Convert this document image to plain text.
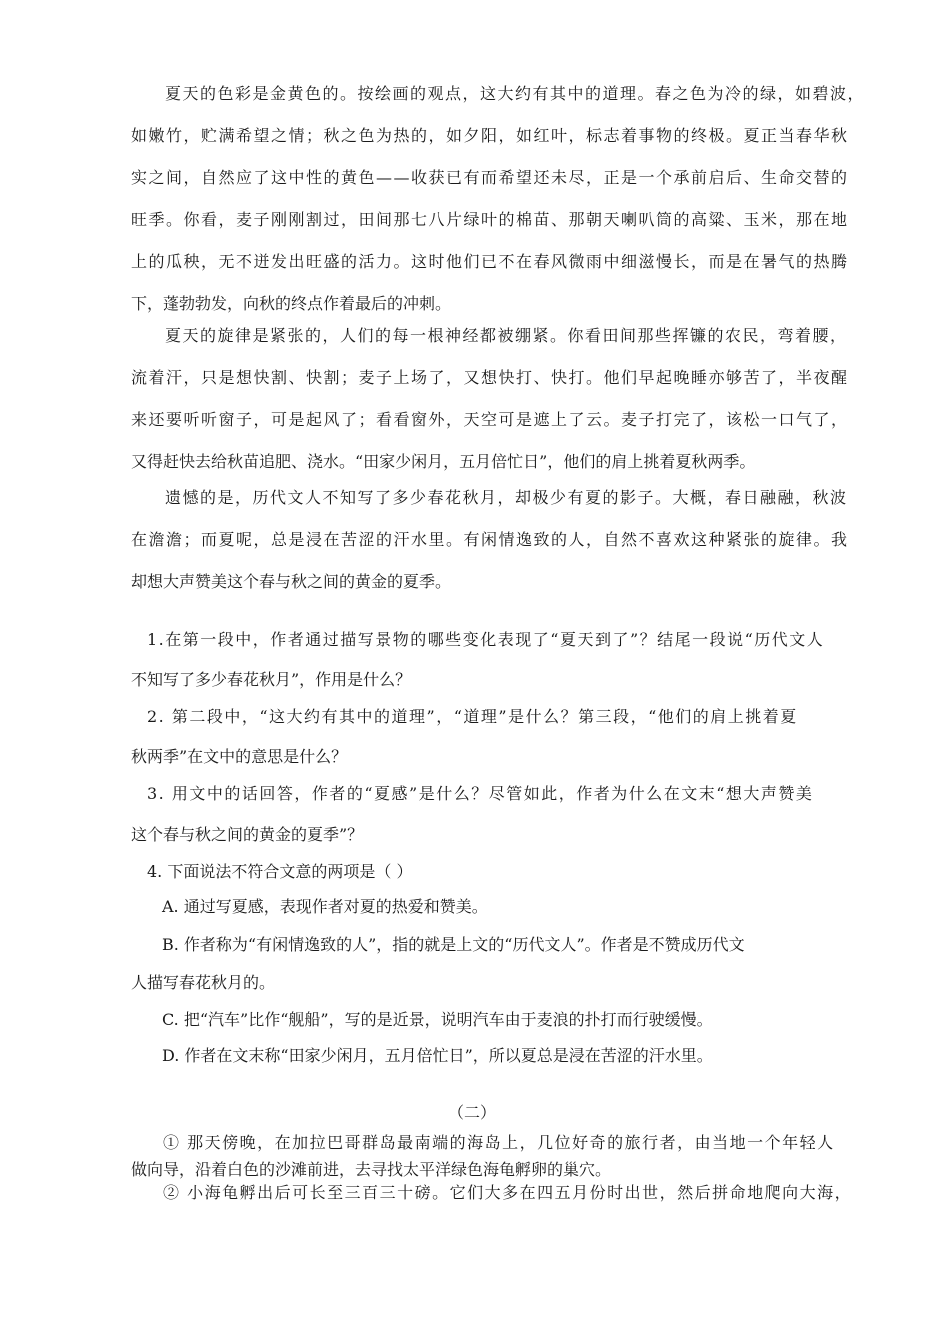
夏天的色彩是金黄色的。按绘画的观点，这大约有其中的道理。春之色为冷的绿，如碧波，
如嫩竹，贮满希望之情；秋之色为热的，如夕阳，如红叶，标志着事物的终极。夏正当春华秋
实之间，自然应了这中性的黄色——收获已有而希望还未尽，正是一个承前启后、生命交替的
旺季。你看，麦子刚刚割过，田间那七八片绿叶的棉苗、那朝天喇叭筒的高粱、玉米，那在地
上的瓜秧，无不迸发出旺盛的活力。这时他们已不在春风微雨中细滋慢长，而是在暑气的热腾
下，蓬勃勃发，向秋的终点作着最后的冲刺。
夏天的旋律是紧张的，人们的每一根神经都被绷紧。你看田间那些挥镰的农民，弯着腰，
流着汗，只是想快割、快割；麦子上场了，又想快打、快打。他们早起晚睡亦够苦了，半夜醒
来还要听听窗子，可是起风了；看看窗外，天空可是遮上了云。麦子打完了，该松一口气了，
又得赶快去给秋苗追肥、浇水。“田家少闲月，五月倍忙日”，他们的肩上挑着夏秋两季。
遗憾的是，历代文人不知写了多少春花秋月，却极少有夏的影子。大概，春日融融，秋波
在澹澹；而夏呢，总是浸在苦涩的汗水里。有闲情逸致的人，自然不喜欢这种紧张的旋律。我
却想大声赞美这个春与秋之间的黄金的夏季。
1.在第一段中，作者通过描写景物的哪些变化表现了“夏天到了”？结尾一段说“历代文人
不知写了多少春花秋月”，作用是什么？
2. 第二段中，“这大约有其中的道理”，“道理”是什么？第三段，“他们的肩上挑着夏
秋两季”在文中的意思是什么？
3. 用文中的话回答，作者的“夏感”是什么？尽管如此，作者为什么在文末“想大声赞美
这个春与秋之间的黄金的夏季”？
4. 下面说法不符合文意的两项是（ ）
A. 通过写夏感，表现作者对夏的热爱和赞美。
B. 作者称为“有闲情逸致的人”，指的就是上文的“历代文人”。作者是不赞成历代文
人描写春花秋月的。
C. 把“汽车”比作“舰船”，写的是近景，说明汽车由于麦浪的扑打而行驶缓慢。
D. 作者在文末称“田家少闲月，五月倍忙日”，所以夏总是浸在苦涩的汗水里。
（二）
① 那天傍晚，在加拉巴哥群岛最南端的海岛上，几位好奇的旅行者，由当地一个年轻人
做向导，沿着白色的沙滩前进，去寻找太平洋绿色海龟孵卵的巢穴。
② 小海龟孵出后可长至三百三十磅。它们大多在四五月份时出世，然后拼命地爬向大海，
